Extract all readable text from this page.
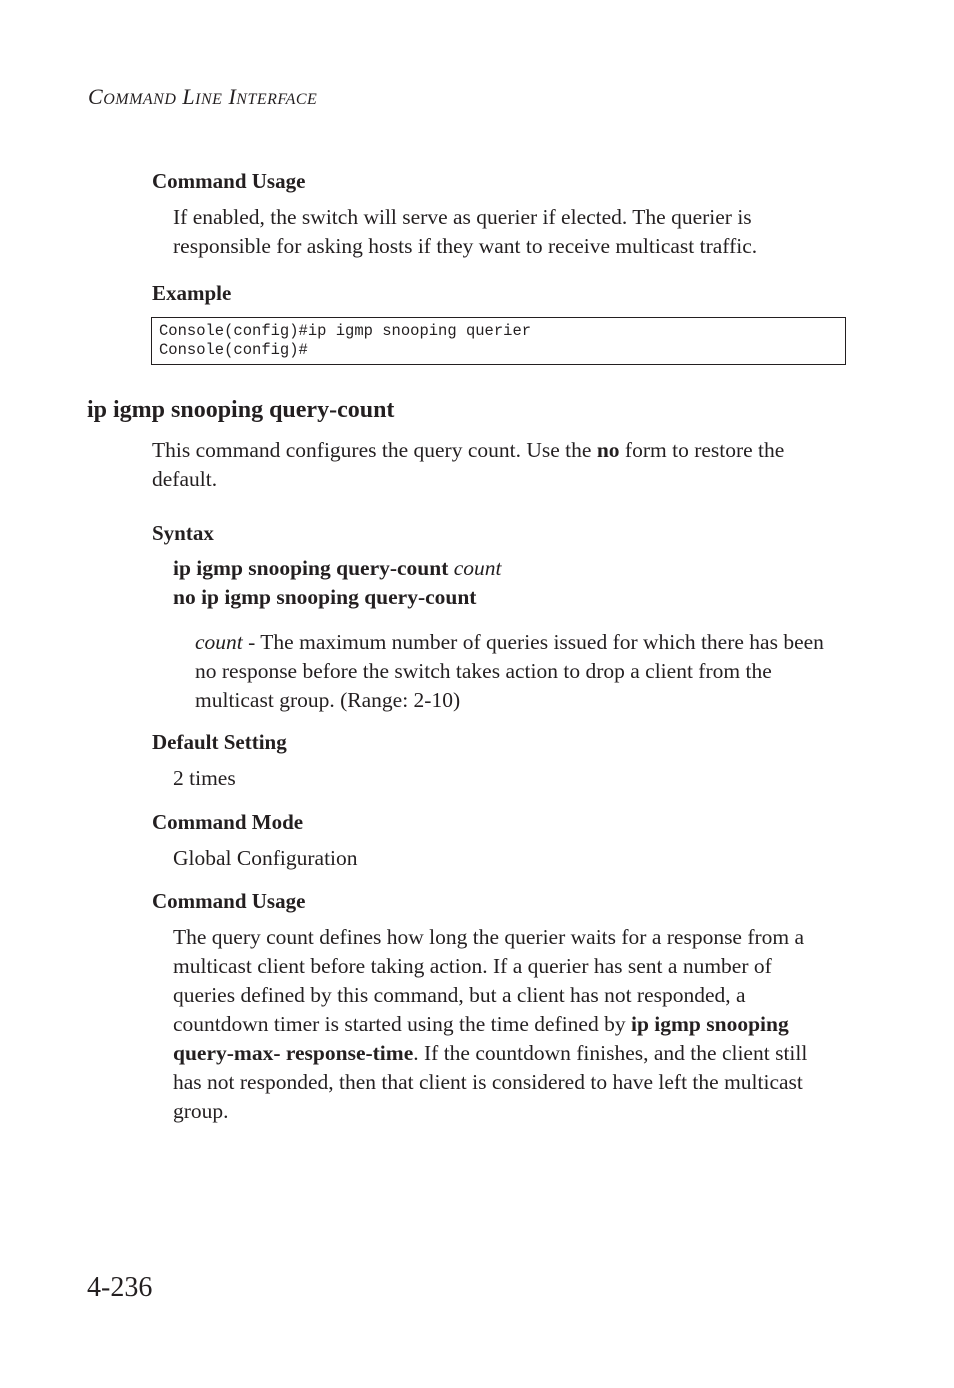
COMMAND LINE INTERFACE
Command Usage
If enabled, the switch will serve as querier if elected. The querier is responsible for asking hosts if they want to receive multicast traffic.
Example
Console(config)#ip igmp snooping querier
Console(config)#
ip igmp snooping query-count
This command configures the query count. Use the no form to restore the default.
Syntax
ip igmp snooping query-count count
no ip igmp snooping query-count
count - The maximum number of queries issued for which there has been no response before the switch takes action to drop a client from the multicast group. (Range: 2-10)
Default Setting
2 times
Command Mode
Global Configuration
Command Usage
The query count defines how long the querier waits for a response from a multicast client before taking action. If a querier has sent a number of queries defined by this command, but a client has not responded, a countdown timer is started using the time defined by ip igmp snooping query-max- response-time. If the countdown finishes, and the client still has not responded, then that client is considered to have left the multicast group.
4-236
